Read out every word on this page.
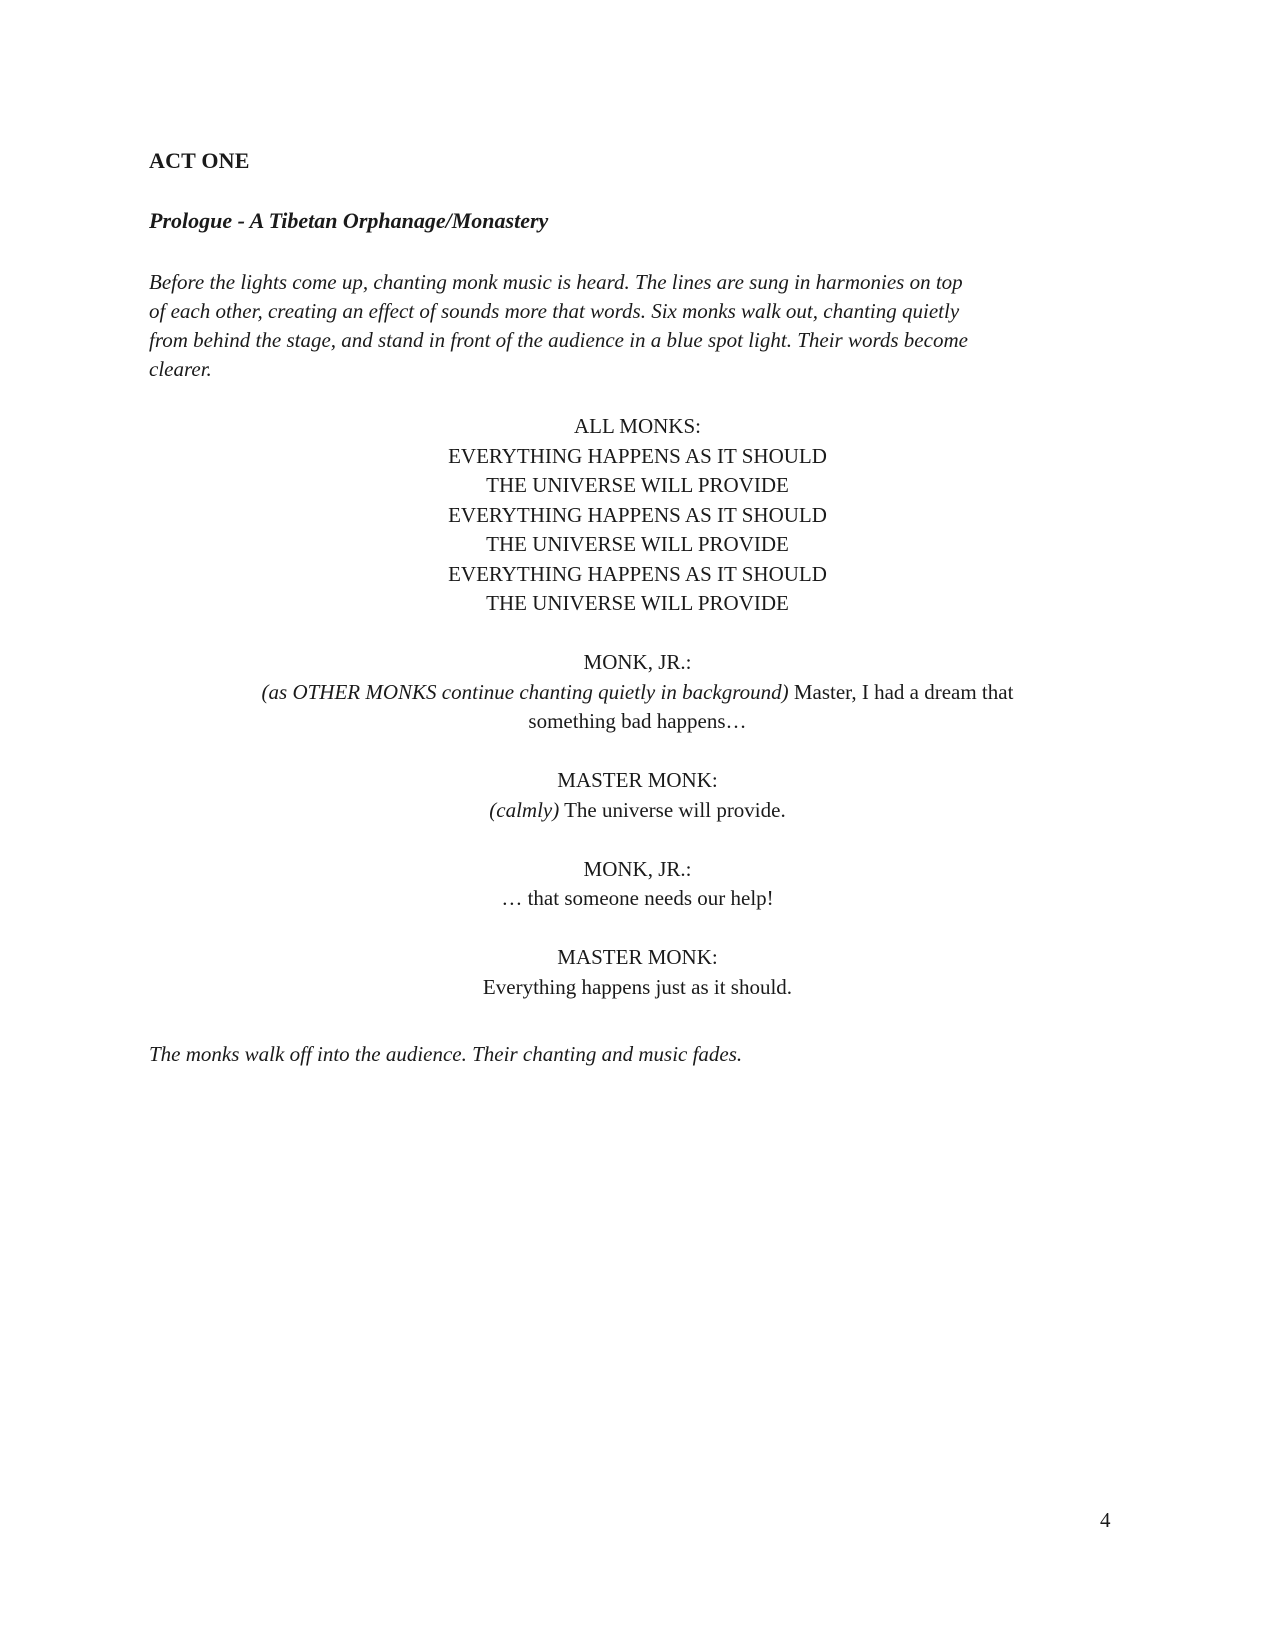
ACT ONE
Prologue - A Tibetan Orphanage/Monastery
Before the lights come up, chanting monk music is heard. The lines are sung in harmonies on top
of each other, creating an effect of sounds more that words. Six monks walk out, chanting quietly
from behind the stage, and stand in front of the audience in a blue spot light. Their words become
clearer.
ALL MONKS:
EVERYTHING HAPPENS AS IT SHOULD
THE UNIVERSE WILL PROVIDE
EVERYTHING HAPPENS AS IT SHOULD
THE UNIVERSE WILL PROVIDE
EVERYTHING HAPPENS AS IT SHOULD
THE UNIVERSE WILL PROVIDE
MONK, JR.:
(as OTHER MONKS continue chanting quietly in background) Master, I had a dream that
something bad happens…
MASTER MONK:
(calmly) The universe will provide.
MONK, JR.:
… that someone needs our help!
MASTER MONK:
Everything happens just as it should.
The monks walk off into the audience. Their chanting and music fades.
4
